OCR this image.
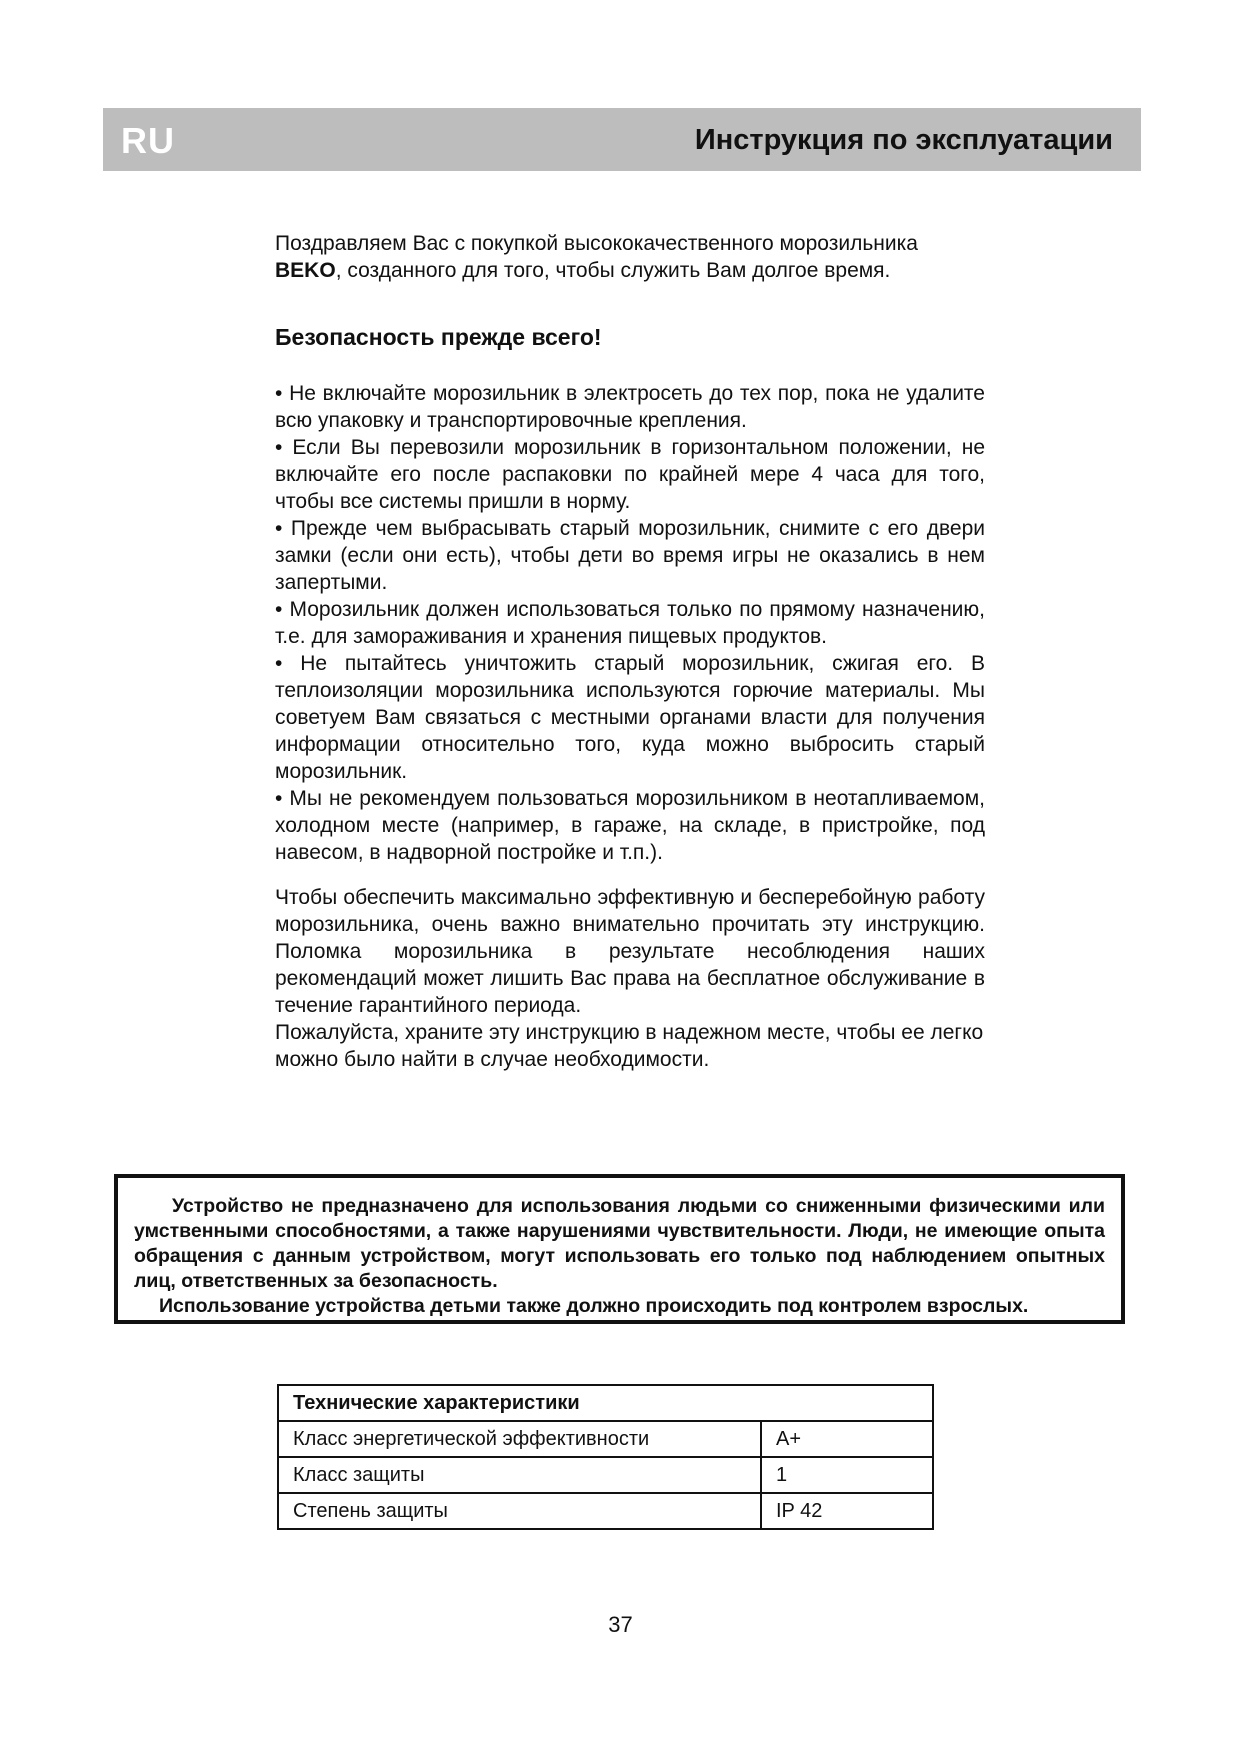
RU	Инструкция по эксплуатации

Поздравляем Вас с покупкой высококачественного морозильника BEKO, созданного для того, чтобы служить Вам долгое время.

Безопасность прежде всего!
• Не включайте морозильник в электросеть до тех пор, пока не удалите всю упаковку и транспортировочные крепления.
• Если Вы перевозили морозильник в горизонтальном положении, не включайте его после распаковки по крайней мере 4 часа для того, чтобы все системы пришли в норму.
• Прежде чем выбрасывать старый морозильник, снимите с его двери замки (если они есть), чтобы дети во время игры не оказались в нем запертыми.
• Морозильник должен использоваться только по прямому назначению, т.е. для замораживания и хранения пищевых продуктов.
• Не пытайтесь уничтожить старый морозильник, сжигая его. В теплоизоляции морозильника используются горючие материалы. Мы советуем Вам связаться с местными органами власти для получения информации относительно того, куда можно выбросить старый морозильник.
• Мы не рекомендуем пользоваться морозильником в неотапливаемом, холодном месте (например, в гараже, на складе, в пристройке, под навесом, в надворной постройке и т.п.).

Чтобы обеспечить максимально эффективную и бесперебойную работу морозильника, очень важно внимательно прочитать эту инструкцию. Поломка морозильника в результате несоблюдения наших рекомендаций может лишить Вас права на бесплатное обслуживание в течение гарантийного периода.

Пожалуйста, храните эту инструкцию в надежном месте, чтобы ее легко можно было найти в случае необходимости.

Устройство не предназначено для использования людьми со сниженными физическими или умственными способностями, а также нарушениями чувствительности. Люди, не имеющие опыта обращения с данным устройством, могут использовать его только под наблюдением опытных лиц, ответственных за безопасность.

Использование устройства детьми также должно происходить под контролем взрослых.

Технические характеристики	
Класс энергетической эффективности	A+
Класс защиты	1
Степень защиты	IP 42
37
